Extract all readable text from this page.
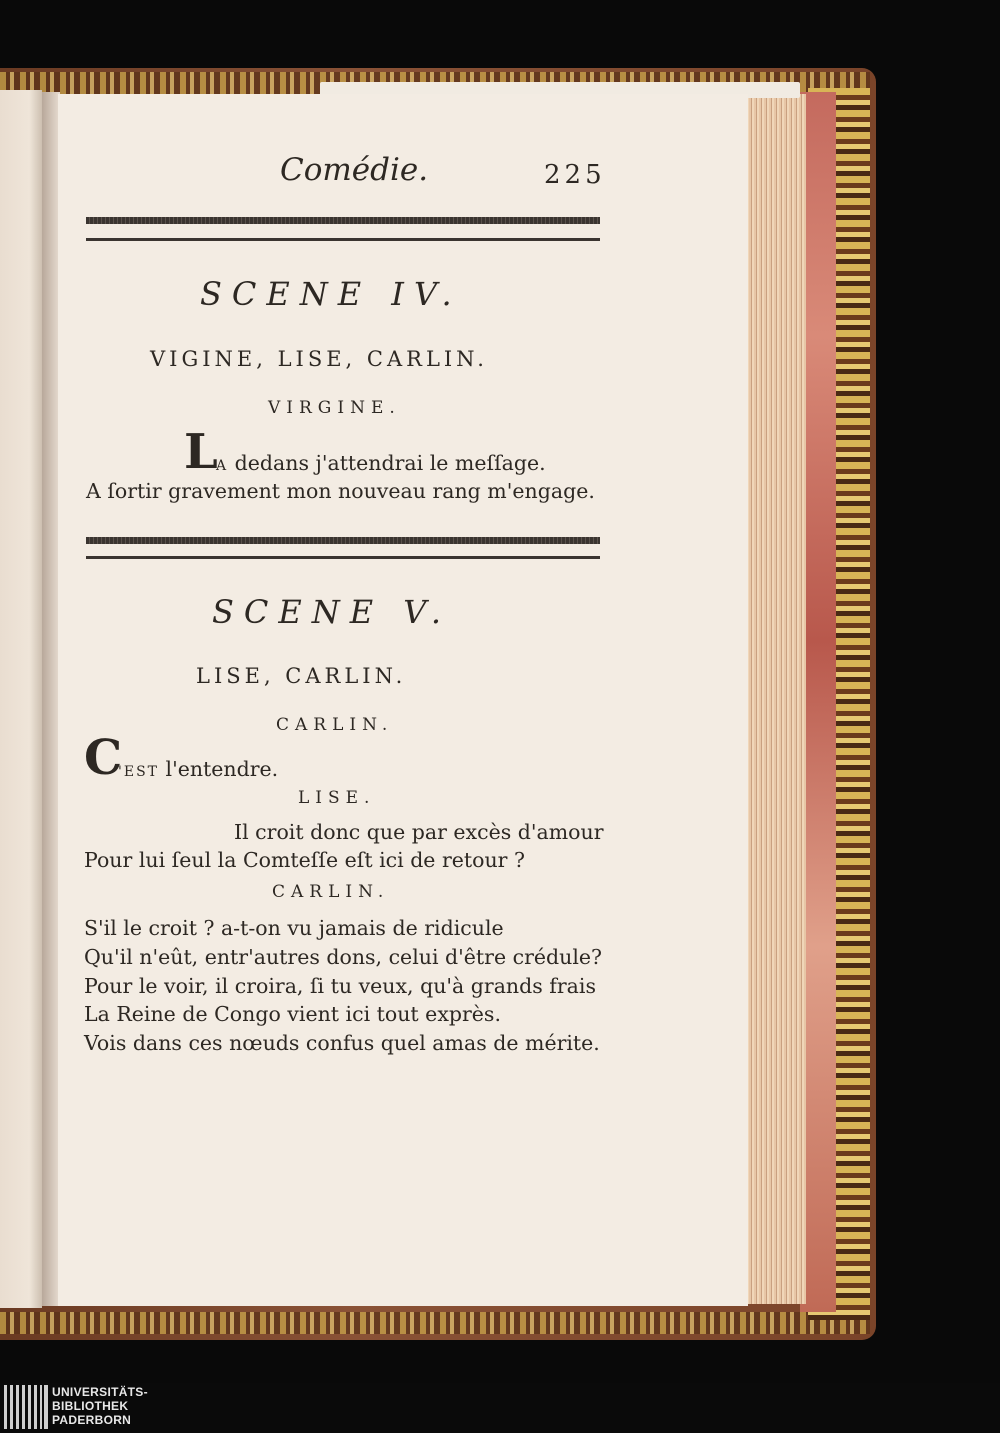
Comédie.	225
SCENE IV.
VIGINE, LISE, CARLIN.
VIRGINE.
L
A dedans j'attendrai le meſſage.
A ſortir gravement mon nouveau rang m'engage.
SCENE V.
LISE, CARLIN.
CARLIN.
C
'EST l'entendre.
LISE.
Il croit donc que par excès d'amour
Pour lui ſeul la Comteſſe eſt ici de retour ?
CARLIN.
S'il le croit ? a-t-on vu jamais de ridicule
Qu'il n'eût, entr'autres dons, celui d'être crédule?
Pour le voir, il croira, ſi tu veux, qu'à grands frais
La Reine de Congo vient ici tout exprès.
Vois dans ces nœuds confus quel amas de mérite.
UNIVERSITÄTS-
BIBLIOTHEK
PADERBORN
